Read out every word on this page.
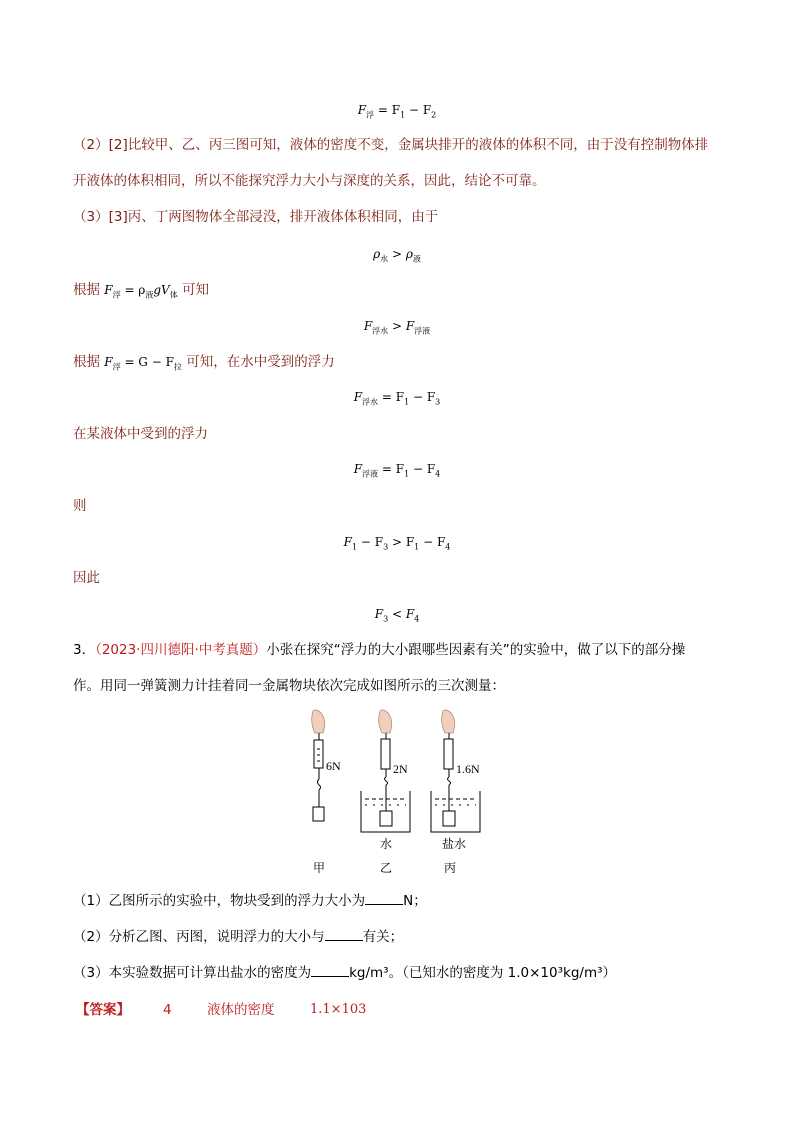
$F_浮 = F_1 - F_2$
（2）[2]比较甲、乙、丙三图可知，液体的密度不变，金属块排开的液体的体积不同，由于没有控制物体排
开液体的体积相同，所以不能探究浮力大小与深度的关系，因此，结论不可靠。
（3）[3]丙、丁两图物体全部浸没，排开液体体积相同，由于
$\rho_水 > \rho_液$
根据 $F_浮 = \rho_液gV_体$ 可知
$F_{浮水} > F_{浮液}$
根据 $F_浮 = G - F_拉$ 可知，在水中受到的浮力
$F_{浮水} = F_1 - F_3$
在某液体中受到的浮力
$F_{浮液} = F_1 - F_4$
则
$F_1 - F_3 > F_1 - F_4$
因此
$F_3 < F_4$
3．（2023·四川德阳·中考真题）小张在探究“浮力的大小跟哪些因素有关”的实验中，做了以下的部分操
作。用同一弹簧测力计挂着同一金属物块依次完成如图所示的三次测量：
6N	2N	1.6N
水	盐水
甲	乙	丙
（1）乙图所示的实验中，物块受到的浮力大小为	N；
（2）分析乙图、丙图，说明浮力的大小与	有关；
（3）本实验数据可计算出盐水的密度为	kg/m³。（已知水的密度为 1.0×10³kg/m³）
【答案】 4	液体的密度	1.1×103
